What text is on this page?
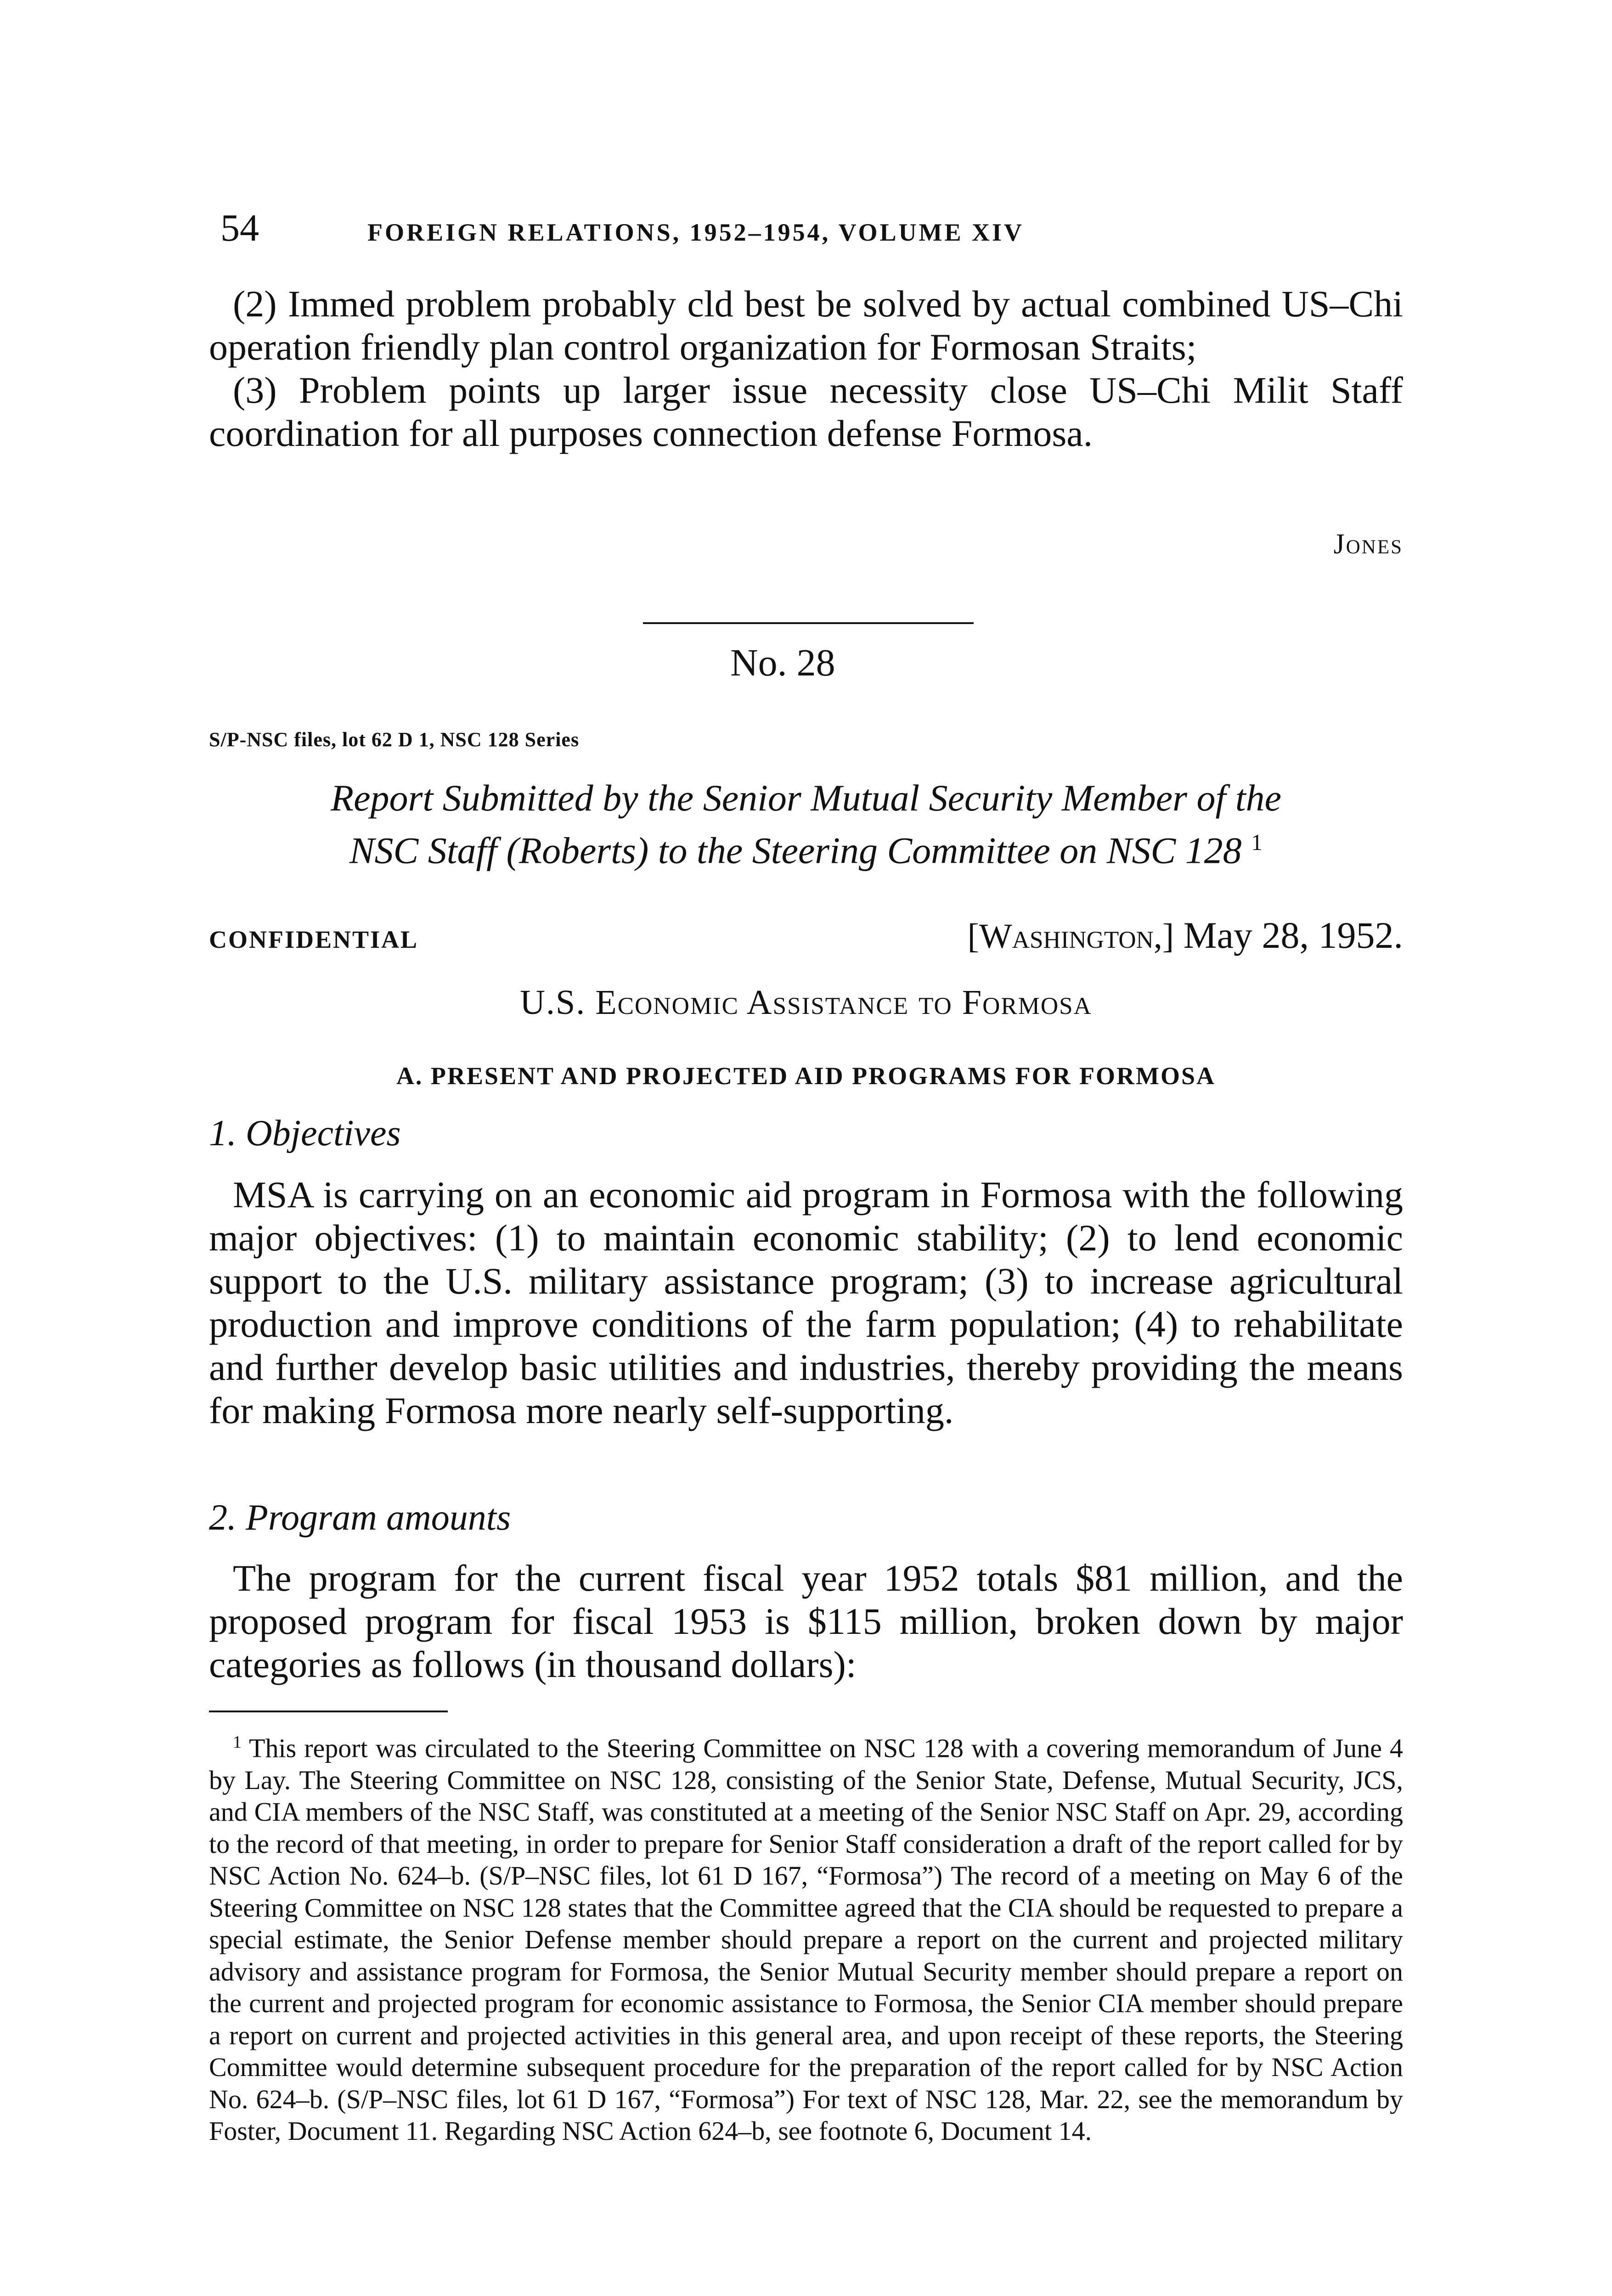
54	FOREIGN RELATIONS, 1952–1954, VOLUME XIV

(2) Immed problem probably cld best be solved by actual combined US–Chi operation friendly plan control organization for Formosan Straits;

(3) Problem points up larger issue necessity close US–Chi Milit Staff coordination for all purposes connection defense Formosa.

Jones
No. 28
S/P-NSC files, lot 62 D 1, NSC 128 Series
Report Submitted by the Senior Mutual Security Member of the
NSC Staff (Roberts) to the Steering Committee on NSC 128 $^1$
CONFIDENTIAL	[Washington,] May 28, 1952.
U.S. Economic Assistance to Formosa
A. PRESENT AND PROJECTED AID PROGRAMS FOR FORMOSA
1. Objectives

MSA is carrying on an economic aid program in Formosa with the following major objectives: (1) to maintain economic stability; (2) to lend economic support to the U.S. military assistance program; (3) to increase agricultural production and improve conditions of the farm population; (4) to rehabilitate and further develop basic utilities and industries, thereby providing the means for making Formosa more nearly self-supporting.

2. Program amounts

The program for the current fiscal year 1952 totals $81 million, and the proposed program for fiscal 1953 is $115 million, broken down by major categories as follows (in thousand dollars):

$^1$ This report was circulated to the Steering Committee on NSC 128 with a covering memorandum of June 4 by Lay. The Steering Committee on NSC 128, consisting of the Senior State, Defense, Mutual Security, JCS, and CIA members of the NSC Staff, was constituted at a meeting of the Senior NSC Staff on Apr. 29, according to the record of that meeting, in order to prepare for Senior Staff consideration a draft of the report called for by NSC Action No. 624–b. (S/P–NSC files, lot 61 D 167, “Formosa”) The record of a meeting on May 6 of the Steering Committee on NSC 128 states that the Committee agreed that the CIA should be requested to prepare a special estimate, the Senior Defense member should prepare a report on the current and projected military advisory and assistance program for Formosa, the Senior Mutual Security member should prepare a report on the current and projected program for economic assistance to Formosa, the Senior CIA member should prepare a report on current and projected activities in this general area, and upon receipt of these reports, the Steering Committee would determine subsequent procedure for the preparation of the report called for by NSC Action No. 624–b. (S/P–NSC files, lot 61 D 167, “Formosa”) For text of NSC 128, Mar. 22, see the memorandum by Foster, Document 11. Regarding NSC Action 624–b, see footnote 6, Document 14.
